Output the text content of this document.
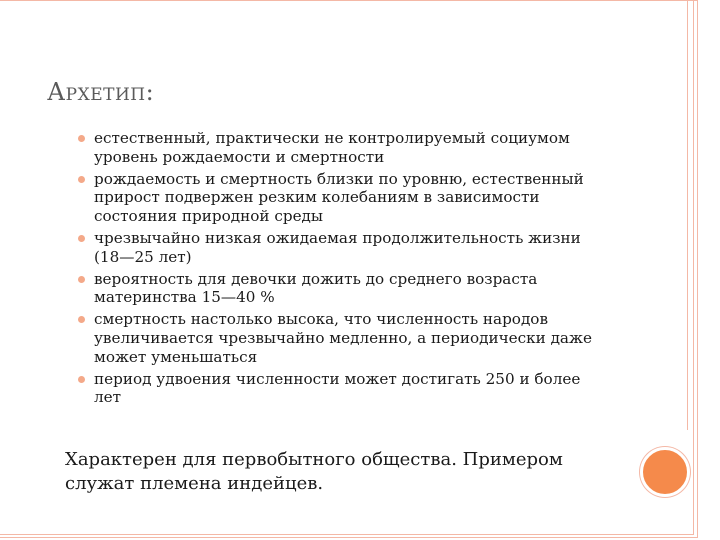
Архетип:
естественный, практически не контролируемый социумом уровень рождаемости и смертности
рождаемость и смертность близки по уровню, естественный прирост подвержен резким колебаниям в зависимости состояния природной среды
чрезвычайно низкая ожидаемая продолжительность жизни (18—25 лет)
вероятность для девочки дожить до среднего возраста материнства 15—40 %
смертность настолько высока, что численность народов увеличивается чрезвычайно медленно, а периодически даже может уменьшаться
период удвоения численности может достигать 250 и более лет

Характерен для первобытного общества. Примером служат племена индейцев.
